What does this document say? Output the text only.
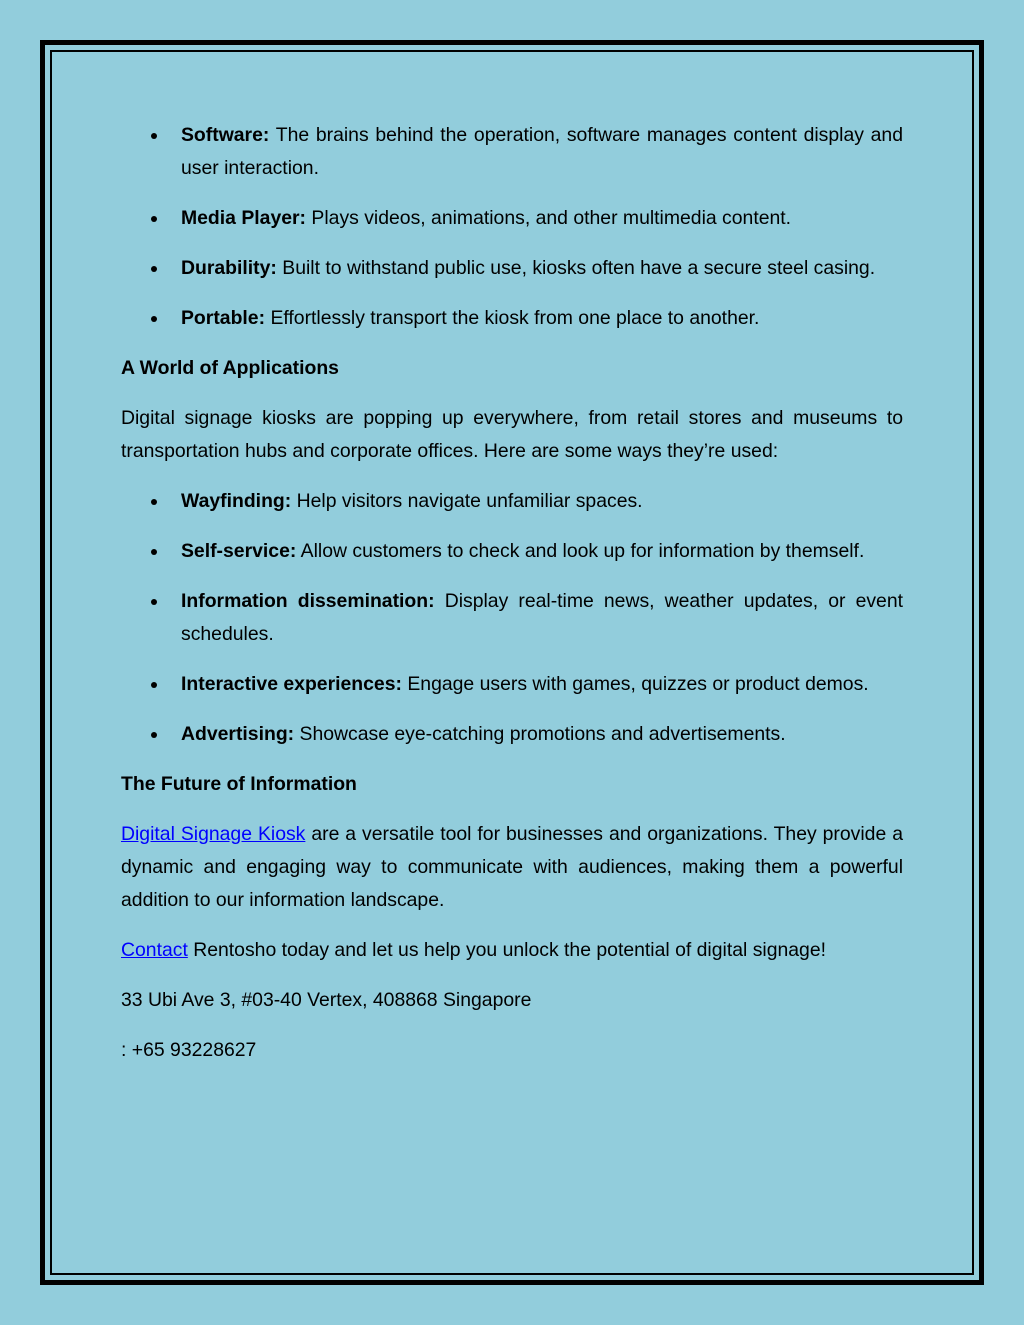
Software: The brains behind the operation, software manages content display and user interaction.
Media Player: Plays videos, animations, and other multimedia content.
Durability: Built to withstand public use, kiosks often have a secure steel casing.
Portable: Effortlessly transport the kiosk from one place to another.
A World of Applications

Digital signage kiosks are popping up everywhere, from retail stores and museums to transportation hubs and corporate offices. Here are some ways they’re used:

Wayfinding: Help visitors navigate unfamiliar spaces.
Self-service: Allow customers to check and look up for information by themself.
Information dissemination: Display real-time news, weather updates, or event schedules.
Interactive experiences: Engage users with games, quizzes or product demos.
Advertising: Showcase eye-catching promotions and advertisements.
The Future of Information

Digital Signage Kiosk are a versatile tool for businesses and organizations. They provide a dynamic and engaging way to communicate with audiences, making them a powerful addition to our information landscape.

Contact Rentosho today and let us help you unlock the potential of digital signage!

33 Ubi Ave 3, #03-40 Vertex, 408868 Singapore

: +65 93228627
